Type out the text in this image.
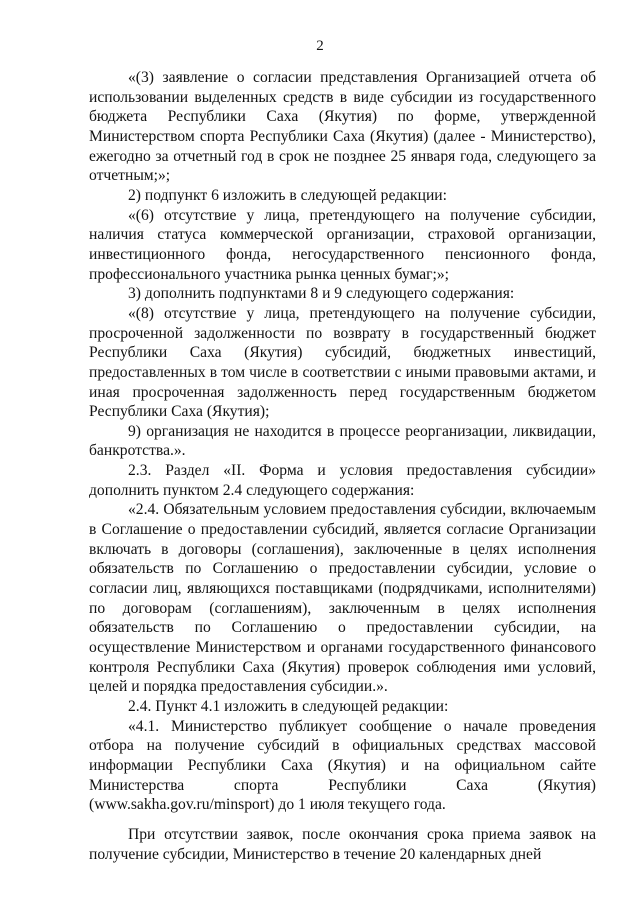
2

«(3) заявление о согласии представления Организацией отчета об использовании выделенных средств в виде субсидии из государственного бюджета Республики Саха (Якутия) по форме, утвержденной Министерством спорта Республики Саха (Якутия) (далее - Министерство), ежегодно за отчетный год в срок не позднее 25 января года, следующего за отчетным;»;

2) подпункт 6 изложить в следующей редакции:

«(6) отсутствие у лица, претендующего на получение субсидии, наличия статуса коммерческой организации, страховой организации, инвестиционного фонда, негосударственного пенсионного фонда, профессионального участника рынка ценных бумаг;»;

3) дополнить подпунктами 8 и 9 следующего содержания:

«(8) отсутствие у лица, претендующего на получение субсидии, просроченной задолженности по возврату в государственный бюджет Республики Саха (Якутия) субсидий, бюджетных инвестиций, предоставленных в том числе в соответствии с иными правовыми актами, и иная просроченная задолженность перед государственным бюджетом Республики Саха (Якутия);

9) организация не находится в процессе реорганизации, ликвидации, банкротства.».

2.3. Раздел «II. Форма и условия предоставления субсидии» дополнить пунктом 2.4 следующего содержания:

«2.4. Обязательным условием предоставления субсидии, включаемым в Соглашение о предоставлении субсидий, является согласие Организации включать в договоры (соглашения), заключенные в целях исполнения обязательств по Соглашению о предоставлении субсидии, условие о согласии лиц, являющихся поставщиками (подрядчиками, исполнителями) по договорам (соглашениям), заключенным в целях исполнения обязательств по Соглашению о предоставлении субсидии, на осуществление Министерством и органами государственного финансового контроля Республики Саха (Якутия) проверок соблюдения ими условий, целей и порядка предоставления субсидии.».

2.4. Пункт 4.1 изложить в следующей редакции:

«4.1. Министерство публикует сообщение о начале проведения отбора на получение субсидий в официальных средствах массовой информации Республики Саха (Якутия) и на официальном сайте Министерства спорта Республики Саха (Якутия) (www.sakha.gov.ru/minsport) до 1 июля текущего года.

При отсутствии заявок, после окончания срока приема заявок на получение субсидии, Министерство в течение 20 календарных дней
